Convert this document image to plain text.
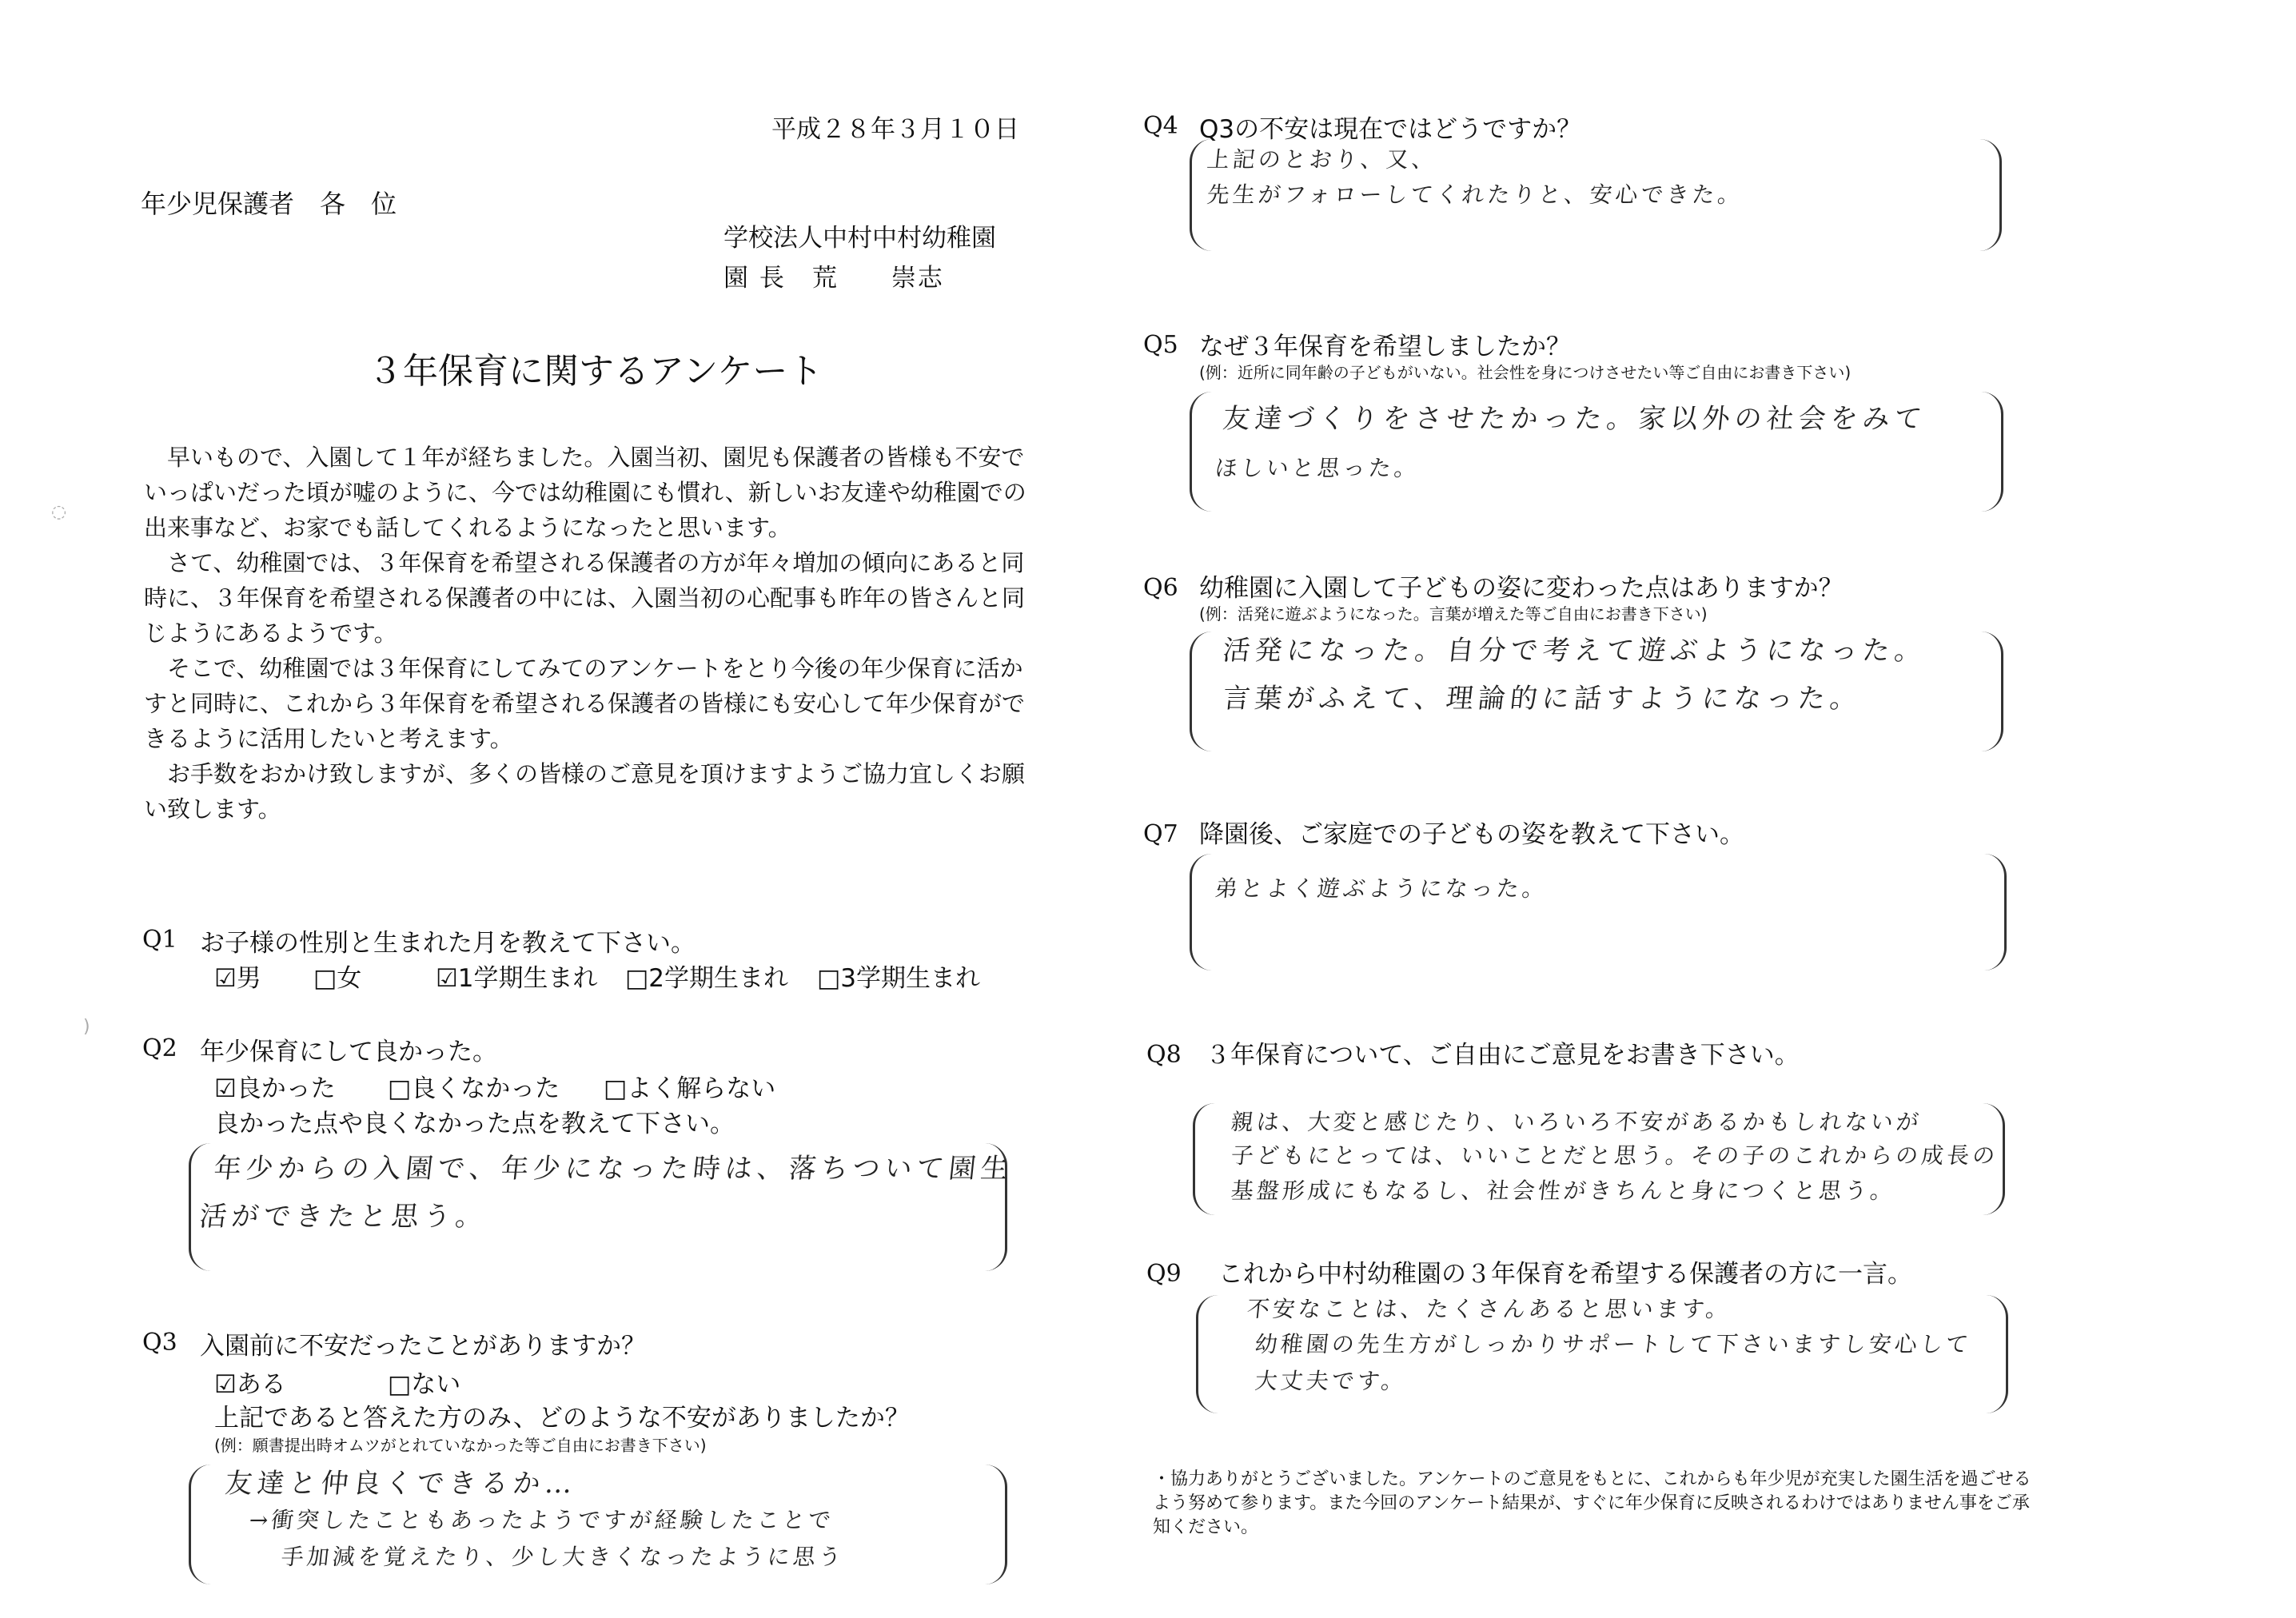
平成２８年３月１０日
年少児保護者　各　位
学校法人中村中村幼稚園
園 長　荒　　崇志
３年保育に関するアンケート

早いもので、入園して１年が経ちました。入園当初、園児も保護者の皆様も不安でいっぱいだった頃が嘘のように、今では幼稚園にも慣れ、新しいお友達や幼稚園での出来事など、お家でも話してくれるようになったと思います。

さて、幼稚園では、３年保育を希望される保護者の方が年々増加の傾向にあると同時に、３年保育を希望される保護者の中には、入園当初の心配事も昨年の皆さんと同じようにあるようです。

そこで、幼稚園では３年保育にしてみてのアンケートをとり今後の年少保育に活かすと同時に、これから３年保育を希望される保護者の皆様にも安心して年少保育ができるように活用したいと考えます。

お手数をおかけ致しますが、多くの皆様のご意見を頂けますようご協力宜しくお願い致します。

◌
)
Q1 お子様の性別と生まれた月を教えて下さい。
☑男 □女	☑1学期生まれ □2学期生まれ □3学期生まれ
Q2 年少保育にして良かった。
☑良かった □良くなかった □よく解らない
良かった点や良くなかった点を教えて下さい。
年少からの入園で、年少になった時は、落ちついて園生
活ができたと思う。
Q3 入園前に不安だったことがありますか？
☑ある	□ない
上記であると答えた方のみ、どのような不安がありましたか？
(例：願書提出時オムツがとれていなかった等ご自由にお書き下さい)
友達と仲良くできるか…
→衝突したこともあったようですが経験したことで
手加減を覚えたり、少し大きくなったように思う
Q4 Q3の不安は現在ではどうですか？
上記のとおり、又、
先生がフォローしてくれたりと、安心できた。
Q5 なぜ３年保育を希望しましたか？
(例：近所に同年齢の子どもがいない。社会性を身につけさせたい等ご自由にお書き下さい)
友達づくりをさせたかった。家以外の社会をみて
ほしいと思った。
Q6 幼稚園に入園して子どもの姿に変わった点はありますか？
(例：活発に遊ぶようになった。言葉が増えた等ご自由にお書き下さい)
活発になった。自分で考えて遊ぶようになった。
言葉がふえて、理論的に話すようになった。
Q7 降園後、ご家庭での子どもの姿を教えて下さい。
弟とよく遊ぶようになった。
Q8 ３年保育について、ご自由にご意見をお書き下さい。
親は、大変と感じたり、いろいろ不安があるかもしれないが
子どもにとっては、いいことだと思う。その子のこれからの成長の
基盤形成にもなるし、社会性がきちんと身につくと思う。
Q9 これから中村幼稚園の３年保育を希望する保護者の方に一言。
不安なことは、たくさんあると思います。
幼稚園の先生方がしっかりサポートして下さいますし安心して
大丈夫です。
・協力ありがとうございました。アンケートのご意見をもとに、これからも年少児が充実した園生活を過ごせるよう努めて参ります。また今回のアンケート結果が、すぐに年少保育に反映されるわけではありません事をご承知ください。
